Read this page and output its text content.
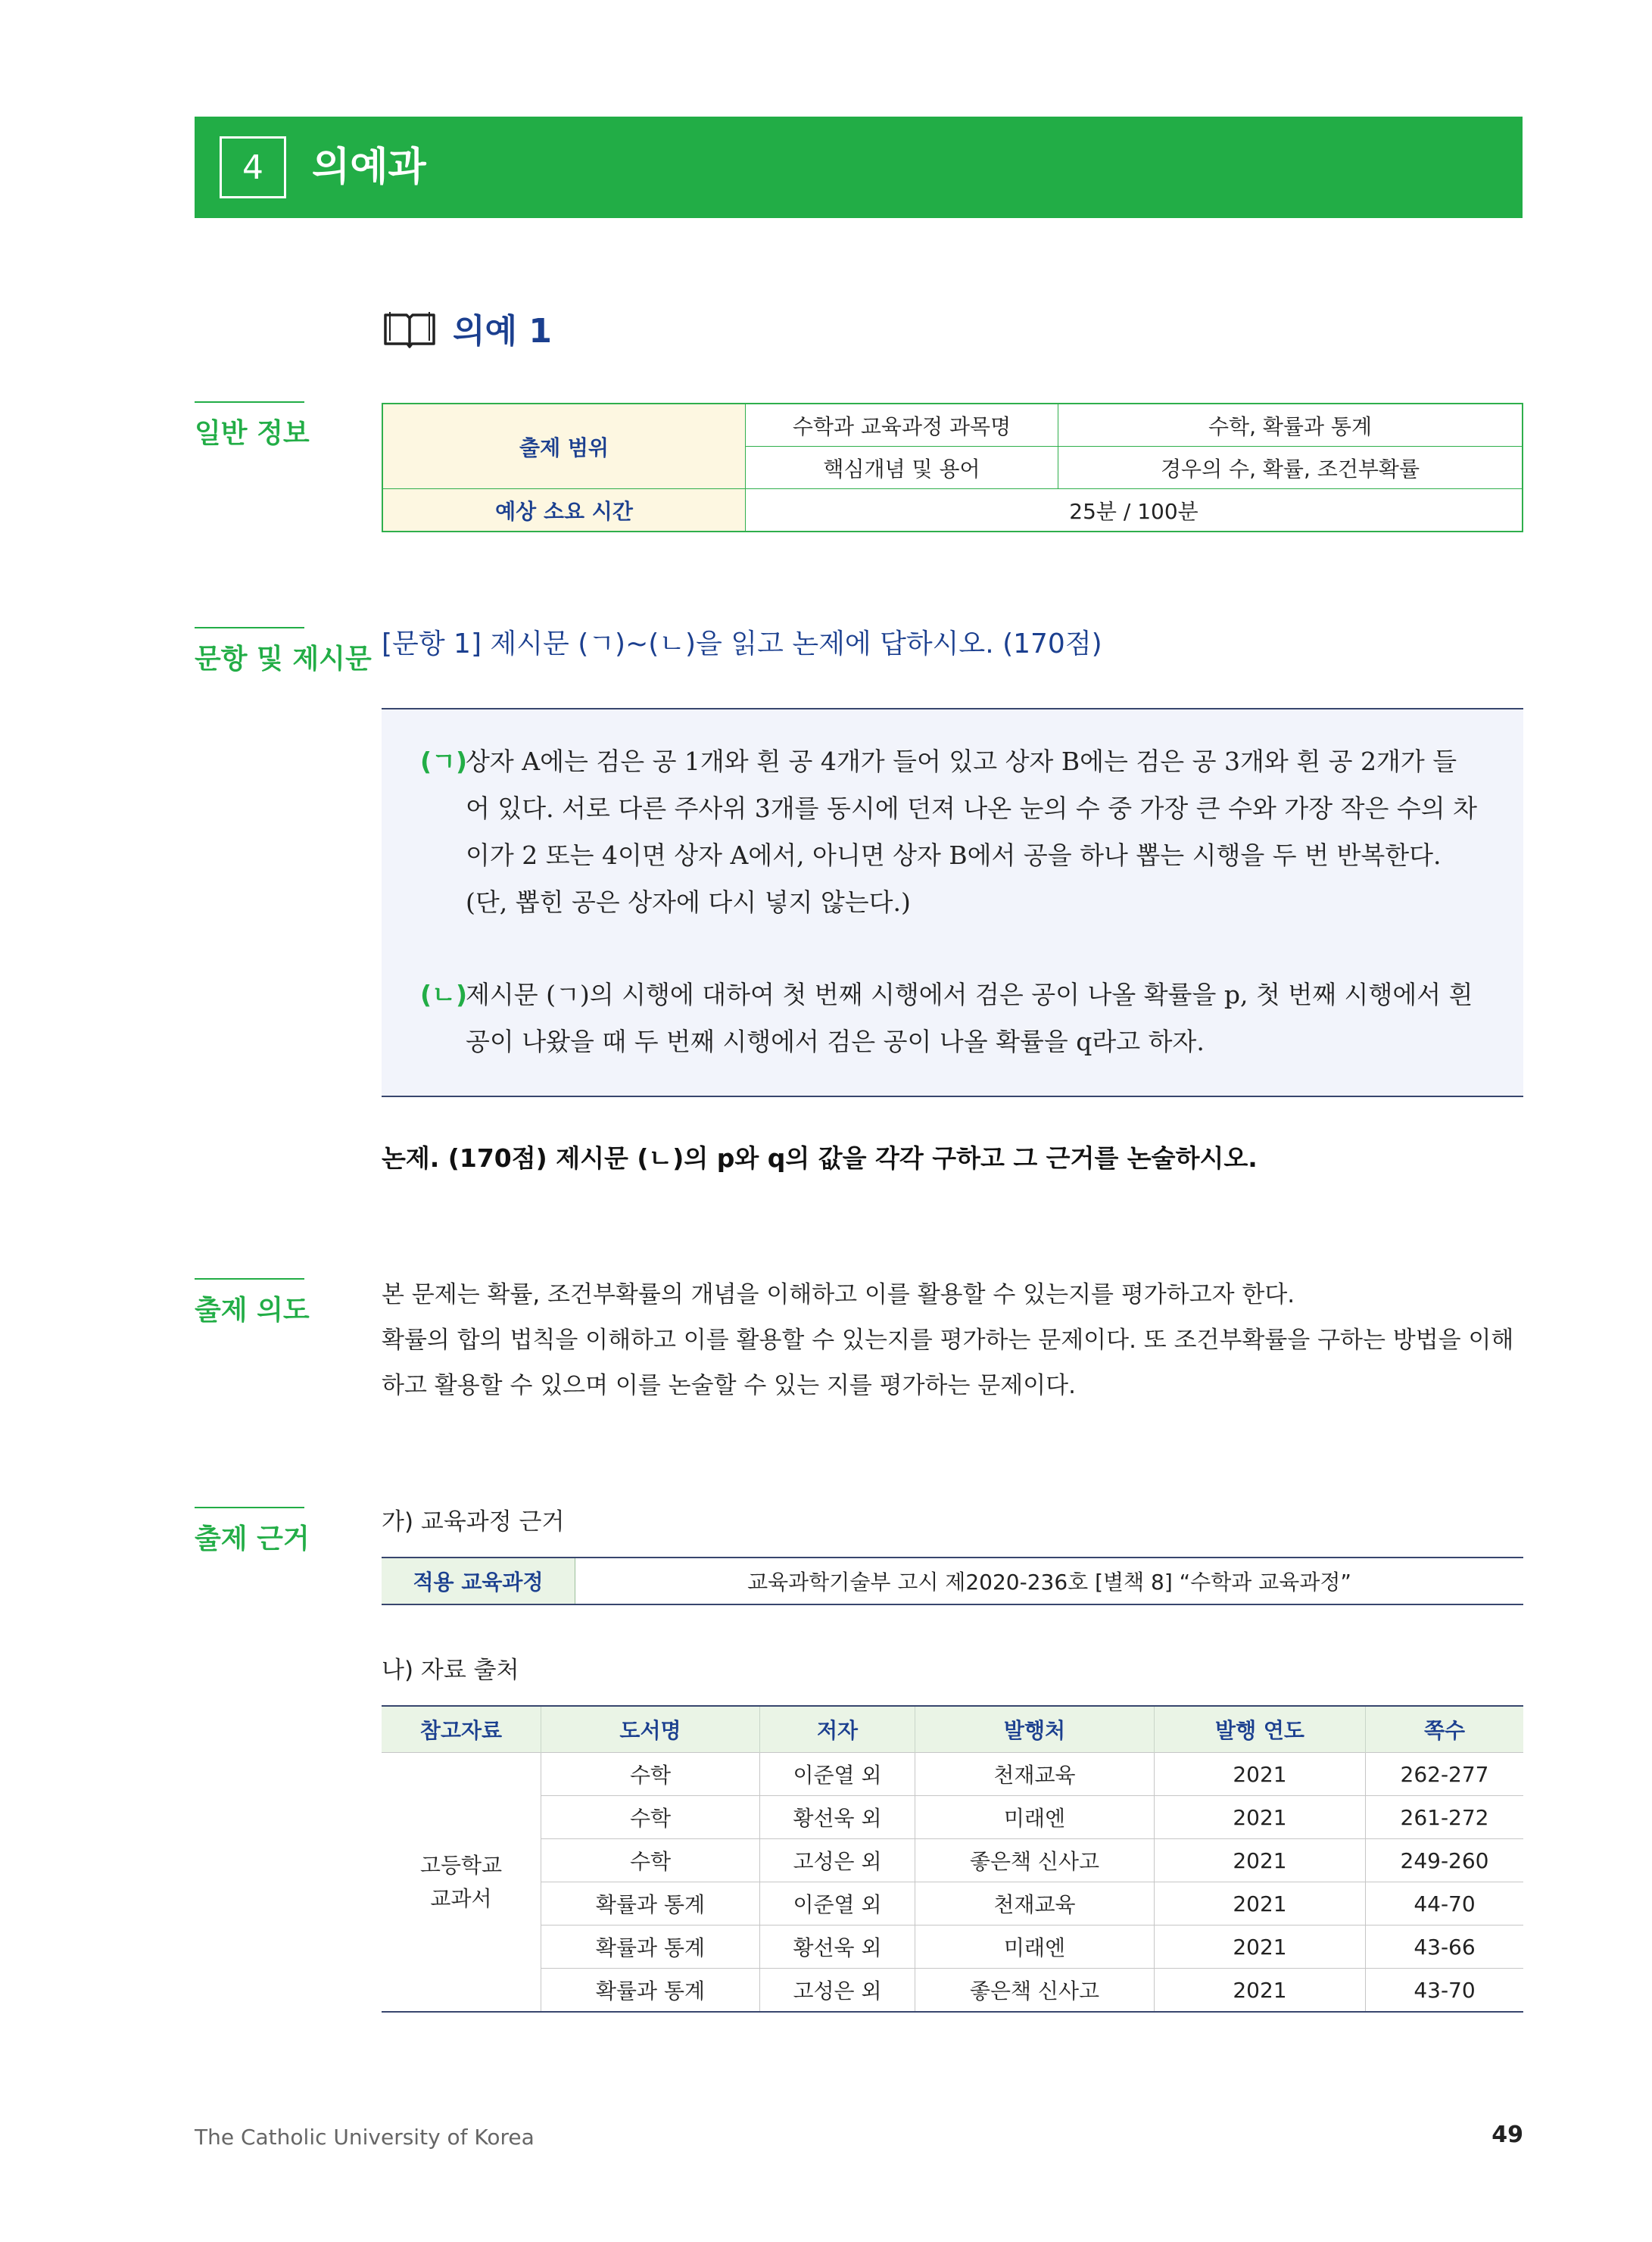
4	의예과
의예 1
일반 정보
문항 및 제시문
출제 의도
출제 근거
출제 범위	수학과 교육과정 과목명	수학, 확률과 통계
	핵심개념 및 용어	경우의 수, 확률, 조건부확률
예상 소요 시간	25분 / 100분	
[문항 1] 제시문 (ㄱ)~(ㄴ)을 읽고 논제에 답하시오. (170점)
(ㄱ)
상자 A에는 검은 공 1개와 흰 공 4개가 들어 있고 상자 B에는 검은 공 3개와 흰 공 2개가 들어 있다. 서로 다른 주사위 3개를 동시에 던져 나온 눈의 수 중 가장 큰 수와 가장 작은 수의 차이가 2 또는 4이면 상자 A에서, 아니면 상자 B에서 공을 하나 뽑는 시행을 두 번 반복한다.
(단, 뽑힌 공은 상자에 다시 넣지 않는다.)
(ㄴ)
제시문 (ㄱ)의 시행에 대하여 첫 번째 시행에서 검은 공이 나올 확률을 p, 첫 번째 시행에서 흰 공이 나왔을 때 두 번째 시행에서 검은 공이 나올 확률을 q라고 하자.
논제. (170점) 제시문 (ㄴ)의 p와 q의 값을 각각 구하고 그 근거를 논술하시오.

본 문제는 확률, 조건부확률의 개념을 이해하고 이를 활용할 수 있는지를 평가하고자 한다.

확률의 합의 법칙을 이해하고 이를 활용할 수 있는지를 평가하는 문제이다. 또 조건부확률을 구하는 방법을 이해하고 활용할 수 있으며 이를 논술할 수 있는 지를 평가하는 문제이다.

가) 교육과정 근거
적용 교육과정	교육과학기술부 고시 제2020-236호 [별책 8] “수학과 교육과정”
나) 자료 출처
참고자료	도서명	저자	발행처	발행 연도	쪽수
고등학교
교과서	수학	이준열 외	천재교육	2021	262-277
	수학	황선욱 외	미래엔	2021	261-272
	수학	고성은 외	좋은책 신사고	2021	249-260
	확률과 통계	이준열 외	천재교육	2021	44-70
	확률과 통계	황선욱 외	미래엔	2021	43-66
	확률과 통계	고성은 외	좋은책 신사고	2021	43-70
The Catholic University of Korea	49
